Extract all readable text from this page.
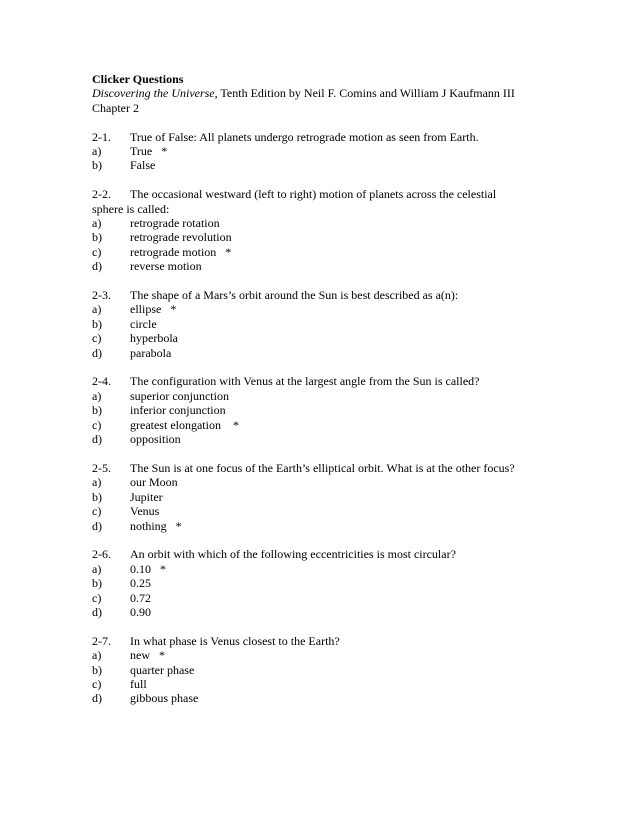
Clicker Questions
Discovering the Universe, Tenth Edition by Neil F. Comins and William J Kaufmann III
Chapter 2
2-1.	True of False: All planets undergo retrograde motion as seen from Earth.
a)	True   *
b)	False
2-2.	The occasional westward (left to right) motion of planets across the celestial
sphere is called:
a)	retrograde rotation
b)	retrograde revolution
c)	retrograde motion   *
d)	reverse motion
2-3.	The shape of a Mars’s orbit around the Sun is best described as a(n):
a)	ellipse   *
b)	circle
c)	hyperbola
d)	parabola
2-4.	The configuration with Venus at the largest angle from the Sun is called?
a)	superior conjunction
b)	inferior conjunction
c)	greatest elongation    *
d)	opposition
2-5.	The Sun is at one focus of the Earth’s elliptical orbit. What is at the other focus?
a)	our Moon
b)	Jupiter
c)	Venus
d)	nothing   *
2-6.	An orbit with which of the following eccentricities is most circular?
a)	0.10   *
b)	0.25
c)	0.72
d)	0.90
2-7.	In what phase is Venus closest to the Earth?
a)	new   *
b)	quarter phase
c)	full
d)	gibbous phase
